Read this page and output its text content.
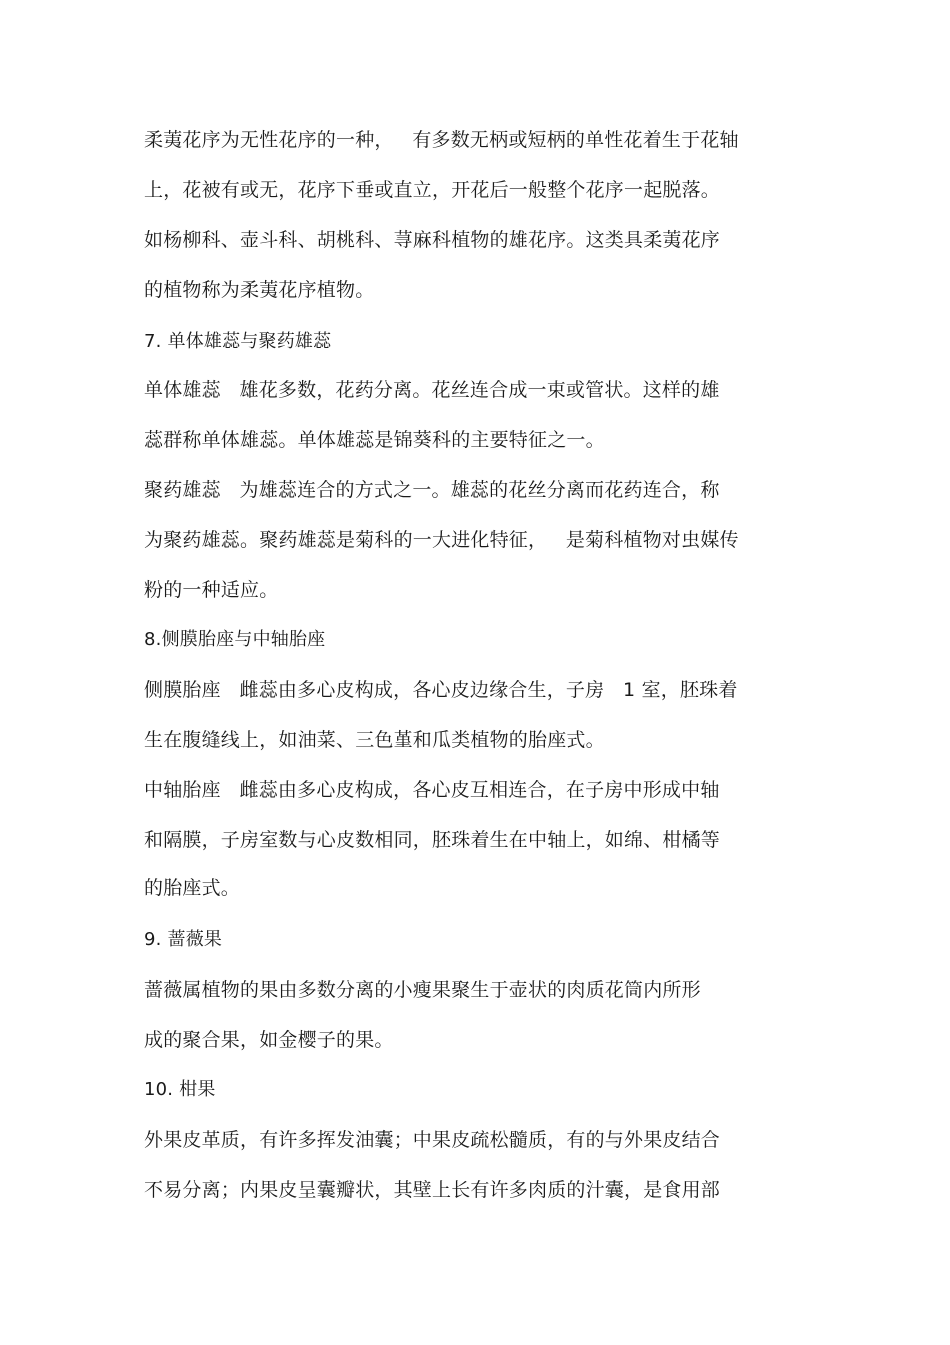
柔荑花序为无性花序的一种，   有多数无柄或短柄的单性花着生于花轴
上，花被有或无，花序下垂或直立，开花后一般整个花序一起脱落。
如杨柳科、壶斗科、胡桃科、荨麻科植物的雄花序。这类具柔荑花序
的植物称为柔荑花序植物。
7. 单体雄蕊与聚药雄蕊
单体雄蕊   雄花多数，花药分离。花丝连合成一束或管状。这样的雄
蕊群称单体雄蕊。单体雄蕊是锦葵科的主要特征之一。
聚药雄蕊   为雄蕊连合的方式之一。雄蕊的花丝分离而花药连合，称
为聚药雄蕊。聚药雄蕊是菊科的一大进化特征，   是菊科植物对虫媒传
粉的一种适应。
8.侧膜胎座与中轴胎座
侧膜胎座   雌蕊由多心皮构成，各心皮边缘合生，子房   1 室，胚珠着
生在腹缝线上，如油菜、三色堇和瓜类植物的胎座式。
中轴胎座   雌蕊由多心皮构成，各心皮互相连合，在子房中形成中轴
和隔膜，子房室数与心皮数相同，胚珠着生在中轴上，如绵、柑橘等
的胎座式。
9. 蔷薇果
蔷薇属植物的果由多数分离的小瘦果聚生于壶状的肉质花筒内所形
成的聚合果，如金樱子的果。
10. 柑果
外果皮革质，有许多挥发油囊；中果皮疏松髓质，有的与外果皮结合
不易分离；内果皮呈囊瓣状，其壁上长有许多肉质的汁囊，是食用部
